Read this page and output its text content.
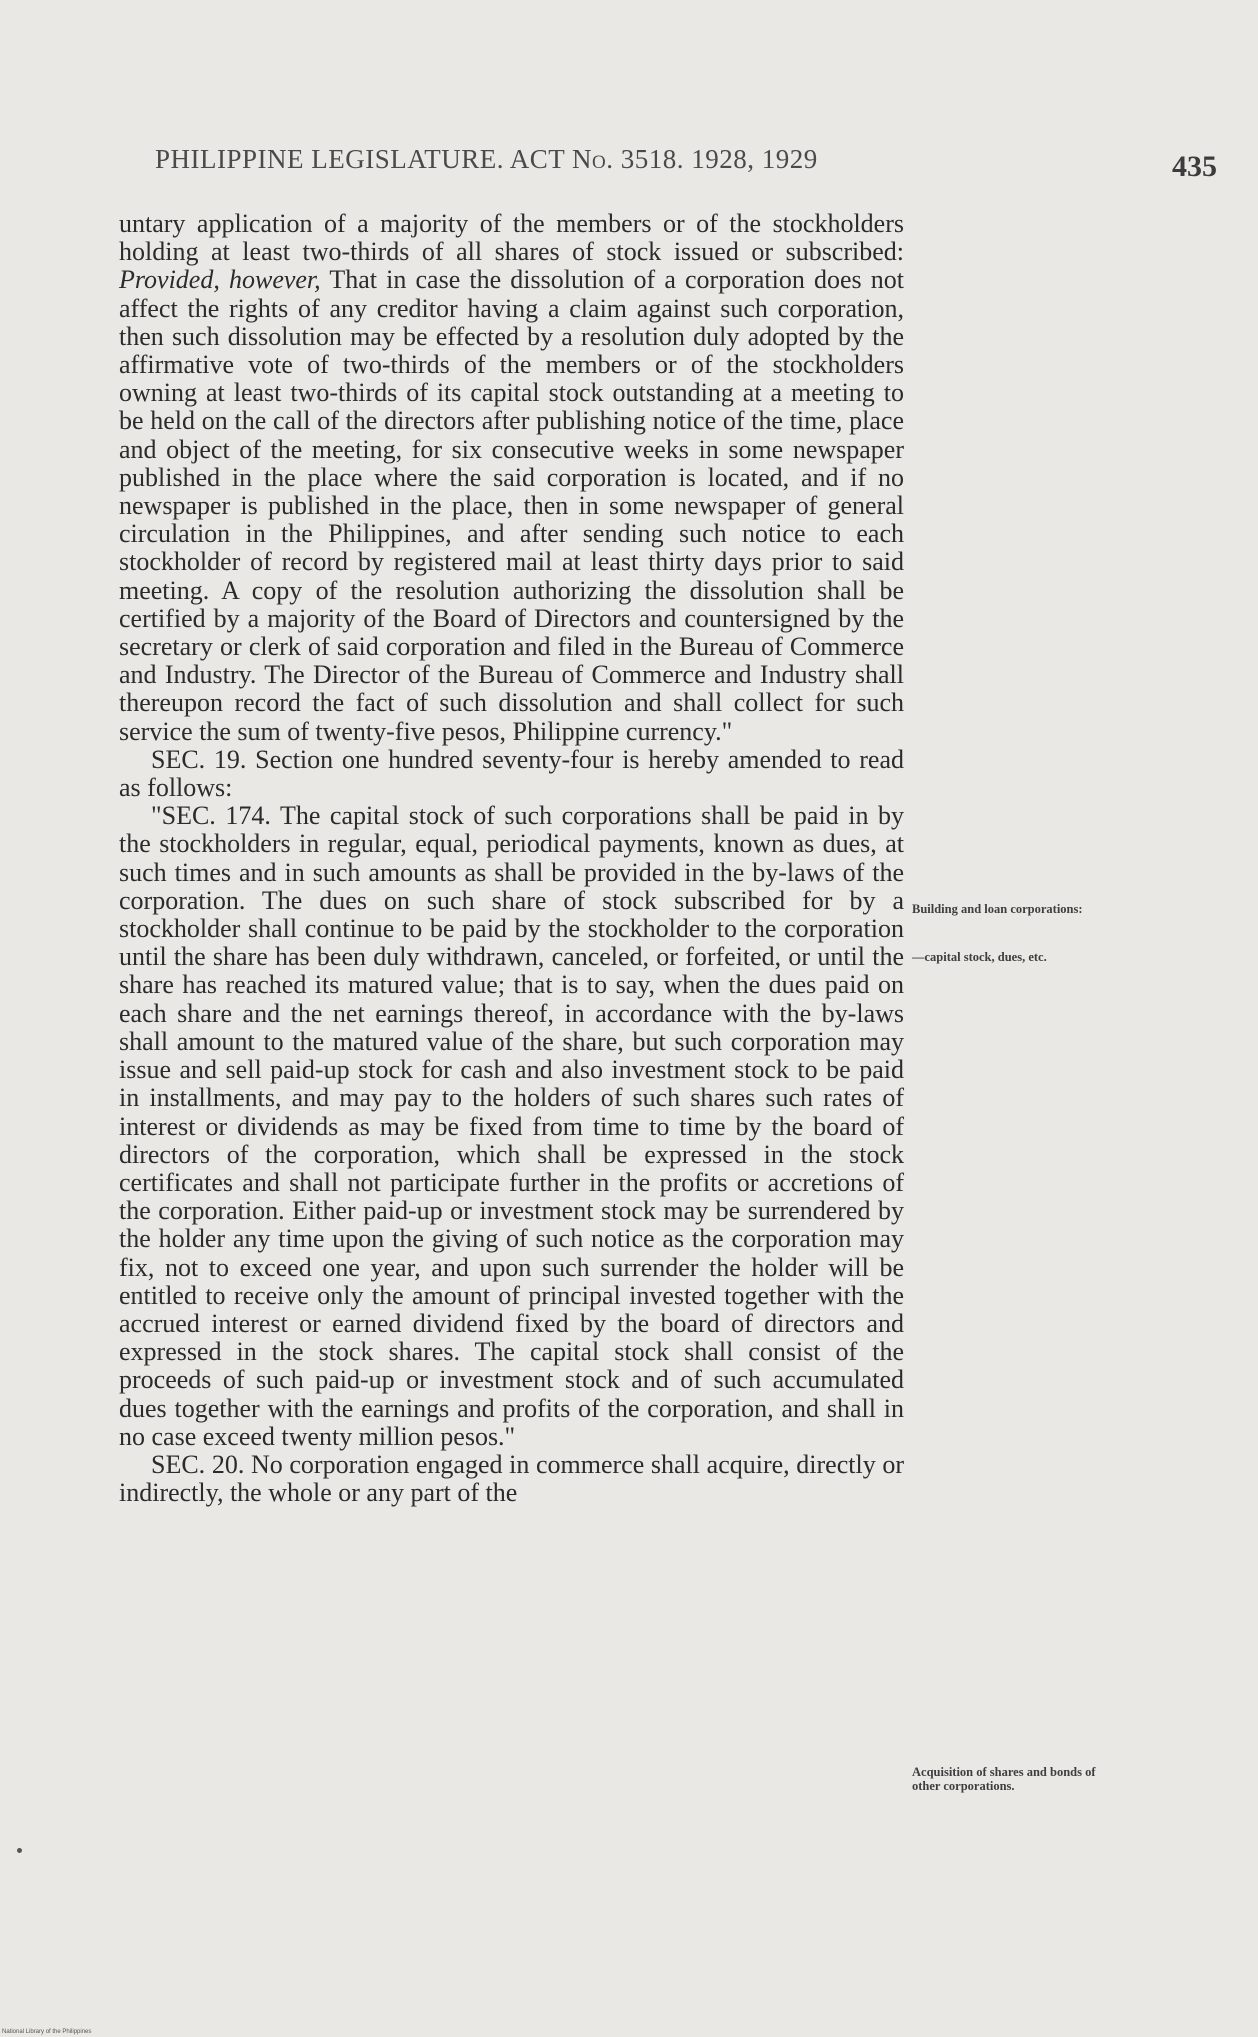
PHILIPPINE LEGISLATURE. ACT No. 3518. 1928, 1929	435

untary application of a majority of the members or of the stockholders holding at least two-thirds of all shares of stock issued or subscribed: Provided, however, That in case the dissolution of a corporation does not affect the rights of any creditor having a claim against such corporation, then such dissolution may be effected by a resolution duly adopted by the affirmative vote of two-thirds of the members or of the stockholders owning at least two-thirds of its capital stock outstanding at a meeting to be held on the call of the directors after publishing notice of the time, place and object of the meeting, for six consecutive weeks in some newspaper published in the place where the said corporation is located, and if no newspaper is published in the place, then in some newspaper of general circulation in the Philippines, and after sending such notice to each stockholder of record by registered mail at least thirty days prior to said meeting. A copy of the resolution authorizing the dissolution shall be certified by a majority of the Board of Directors and countersigned by the secretary or clerk of said corporation and filed in the Bureau of Commerce and Industry. The Director of the Bureau of Commerce and Industry shall thereupon record the fact of such dissolution and shall collect for such service the sum of twenty-five pesos, Philippine currency."

SEC. 19. Section one hundred seventy-four is hereby amended to read as follows:

"SEC. 174. The capital stock of such corporations shall be paid in by the stockholders in regular, equal, periodical payments, known as dues, at such times and in such amounts as shall be provided in the by-laws of the corporation. The dues on such share of stock subscribed for by a stockholder shall continue to be paid by the stockholder to the corporation until the share has been duly withdrawn, canceled, or forfeited, or until the share has reached its matured value; that is to say, when the dues paid on each share and the net earnings thereof, in accordance with the by-laws shall amount to the matured value of the share, but such corporation may issue and sell paid-up stock for cash and also investment stock to be paid in installments, and may pay to the holders of such shares such rates of interest or dividends as may be fixed from time to time by the board of directors of the corporation, which shall be expressed in the stock certificates and shall not participate further in the profits or accretions of the corporation. Either paid-up or investment stock may be surrendered by the holder any time upon the giving of such notice as the corporation may fix, not to exceed one year, and upon such surrender the holder will be entitled to receive only the amount of principal invested together with the accrued interest or earned dividend fixed by the board of directors and expressed in the stock shares. The capital stock shall consist of the proceeds of such paid-up or investment stock and of such accumulated dues together with the earnings and profits of the corporation, and shall in no case exceed twenty million pesos."

SEC. 20. No corporation engaged in commerce shall acquire, directly or indirectly, the whole or any part of the

Building and loan corporations:
—capital stock, dues, etc.
Acquisition of shares and bonds of other corporations.
National Library of the Philippines
